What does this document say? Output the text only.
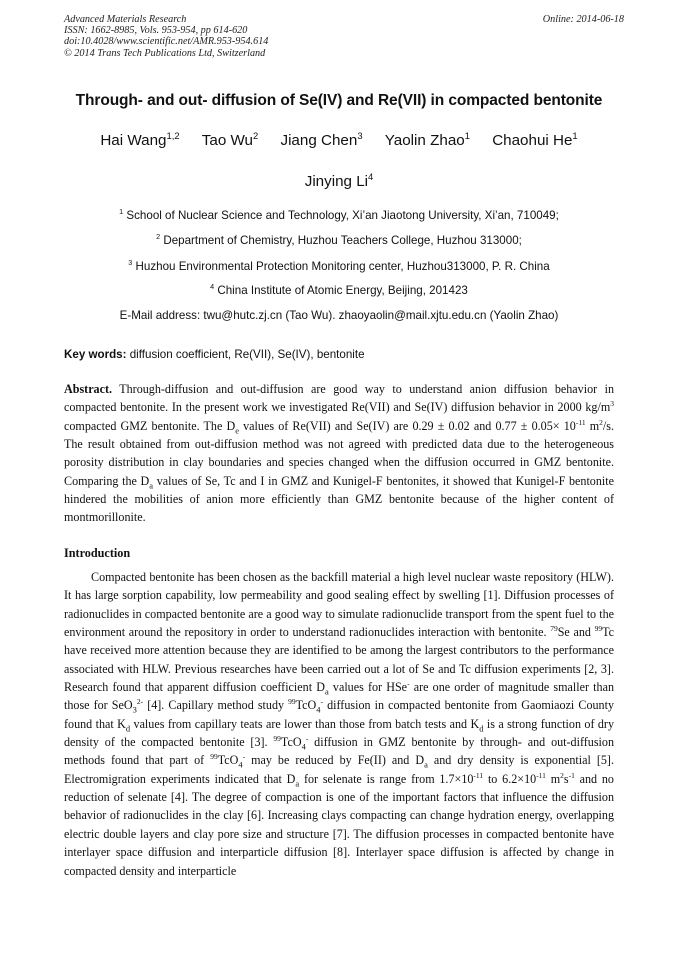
Advanced Materials Research
ISSN: 1662-8985, Vols. 953-954, pp 614-620
doi:10.4028/www.scientific.net/AMR.953-954.614
© 2014 Trans Tech Publications Ltd, Switzerland
Online: 2014-06-18
Through- and out- diffusion of Se(IV) and Re(VII) in compacted bentonite
Hai Wang$^{1,2}$ Tao Wu$^2$ Jiang Chen$^3$ Yaolin Zhao$^1$ Chaohui He$^1$
Jinying Li$^4$
$^1$ School of Nuclear Science and Technology, Xi’an Jiaotong University, Xi’an, 710049;
$^2$ Department of Chemistry, Huzhou Teachers College, Huzhou 313000;
$^3$ Huzhou Environmental Protection Monitoring center, Huzhou313000, P. R. China
$^4$ China Institute of Atomic Energy, Beijing, 201423
E-Mail address: twu@hutc.zj.cn (Tao Wu). zhaoyaolin@mail.xjtu.edu.cn (Yaolin Zhao)
Key words: diffusion coefficient, Re(VII), Se(IV), bentonite
Abstract. Through-diffusion and out-diffusion are good way to understand anion diffusion behavior in compacted bentonite. In the present work we investigated Re(VII) and Se(IV) diffusion behavior in 2000 $kg/m^3$ compacted GMZ bentonite. The $D_e$ values of Re(VII) and Se(IV) are 0.29 ± 0.02 and $0.77 \pm 0.05\times 10^{-11}$ $m^2/s$. The result obtained from out-diffusion method was not agreed with predicted data due to the heterogeneous porosity distribution in clay boundaries and species changed when the diffusion occurred in GMZ bentonite. Comparing the $D_a$ values of Se, Tc and I in GMZ and Kunigel-F bentonites, it showed that Kunigel-F bentonite hindered the mobilities of anion more efficiently than GMZ bentonite because of the higher content of montmorillonite.
Introduction
Compacted bentonite has been chosen as the backfill material a high level nuclear waste repository (HLW). It has large sorption capability, low permeability and good sealing effect by swelling [1]. Diffusion processes of radionuclides in compacted bentonite are a good way to simulate radionuclide transport from the spent fuel to the environment around the repository in order to understand radionuclides interaction with bentonite. $^{79}$Se and $^{99}$Tc have received more attention because they are identified to be among the largest contributors to the performance associated with HLW. Previous researches have been carried out a lot of Se and Tc diffusion experiments [2, 3]. Research found that apparent diffusion coefficient $D_a$ values for HSe- are one order of magnitude smaller than those for SeO$_3^{2-}$ [4]. Capillary method study $^{99}$TcO$_4$- diffusion in compacted bentonite from Gaomiaozi County found that $K_d$ values from capillary teats are lower than those from batch tests and $K_d$ is a strong function of dry density of the compacted bentonite [3]. $^{99}$TcO$_4$- diffusion in GMZ bentonite by through- and out-diffusion methods found that part of $^{99}$TcO$_4$- may be reduced by Fe(II) and $D_a$ and dry density is exponential [5]. Electromigration experiments indicated that $D_a$ for selenate is range from $1.7\times 10^{-11}$ to $6.2\times 10^{-11}$ $m^2s^{-1}$ and no reduction of selenate [4]. The degree of compaction is one of the important factors that influence the diffusion behavior of radionuclides in the clay [6]. Increasing clays compacting can change hydration energy, overlapping electric double layers and clay pore size and structure [7]. The diffusion processes in compacted bentonite have interlayer space diffusion and interparticle diffusion [8]. Interlayer space diffusion is affected by change in compacted density and interparticle
